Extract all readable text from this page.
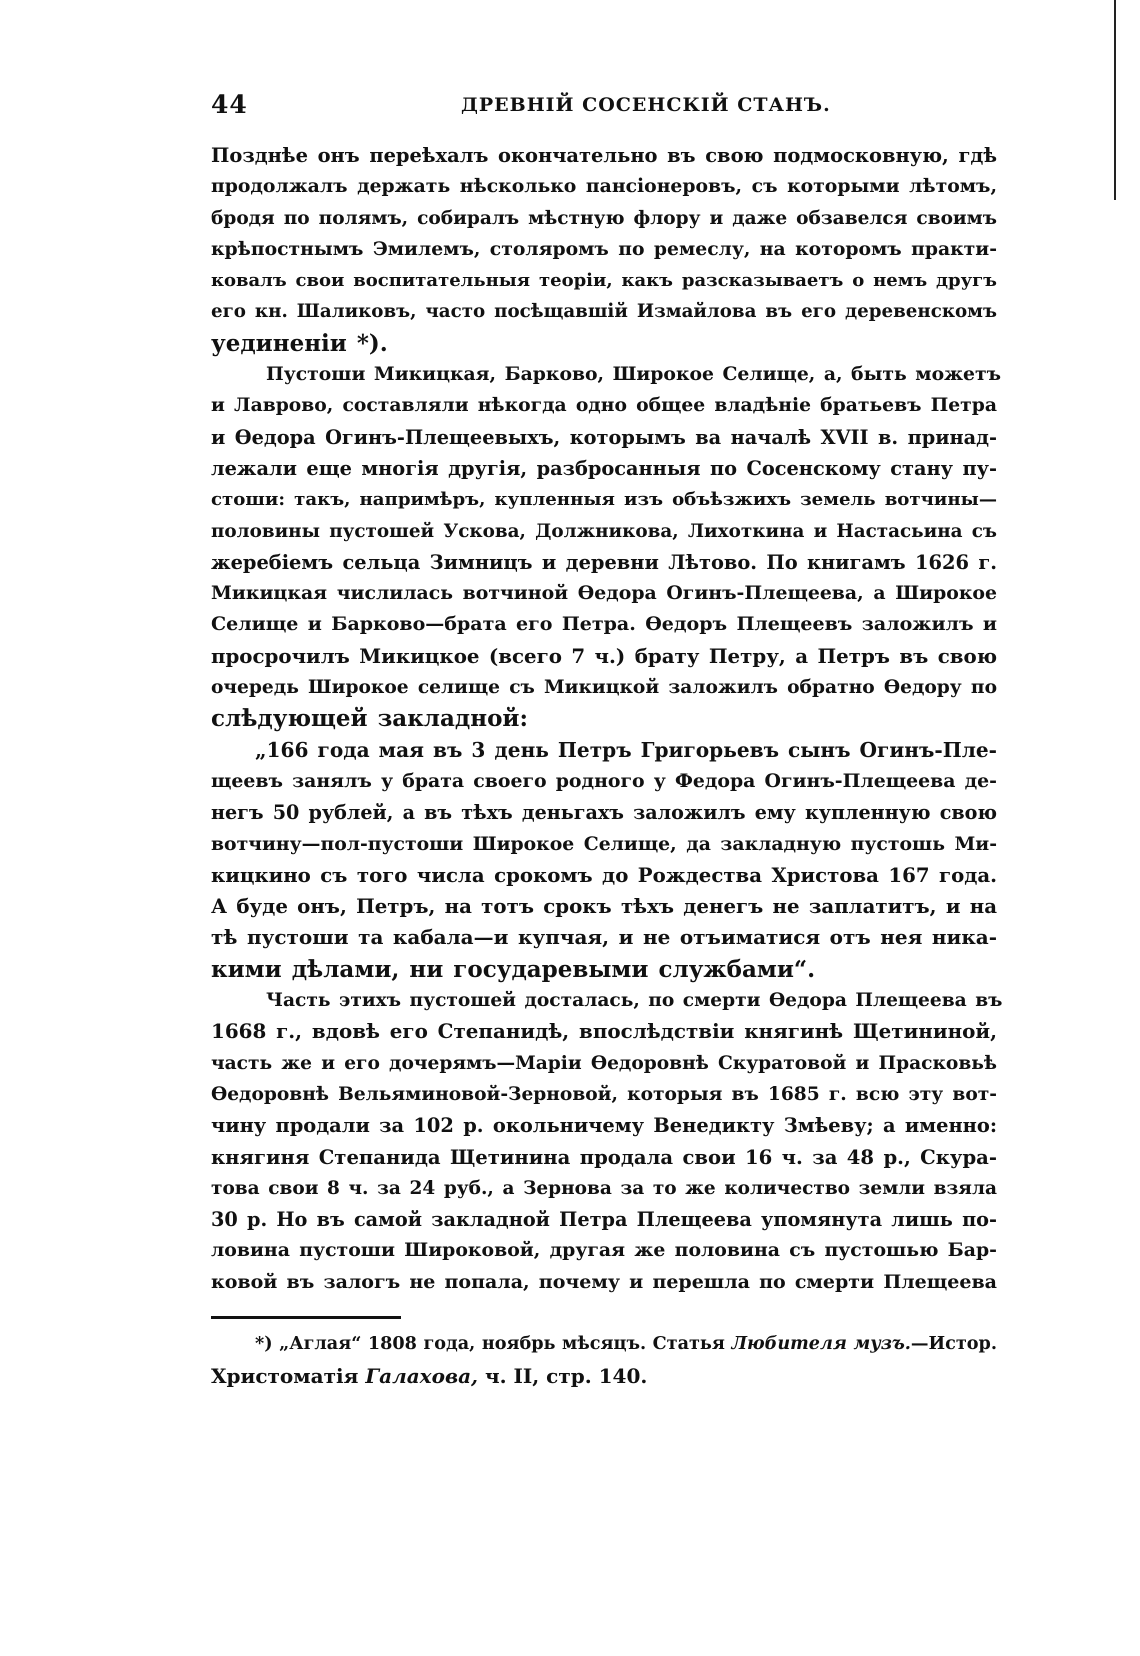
44	ДРЕВНІЙ СОСЕНСКІЙ СТАНЪ.
Позднѣе онъ переѣхалъ окончательно въ свою подмосковную, гдѣ
продолжалъ держать нѣсколько пансіонеровъ, съ которыми лѣтомъ,
бродя по полямъ, собиралъ мѣстную флору и даже обзавелся своимъ
крѣпостнымъ Эмилемъ, столяромъ по ремеслу, на которомъ практи-
ковалъ свои воспитательныя теоріи, какъ разсказываетъ о немъ другъ
его кн. Шаликовъ, часто посѣщавшій Измайлова въ его деревенскомъ
уединеніи *).
Пустоши Микицкая, Барково, Широкое Селище, а, быть можетъ
и Лаврово, составляли нѣкогда одно общее владѣніе братьевъ Петра
и Өедора Огинъ-Плещеевыхъ, которымъ ва началѣ XVII в. принад-
лежали еще многія другія, разбросанныя по Сосенскому стану пу-
стоши: такъ, напримѣръ, купленныя изъ объѣзжихъ земель вотчины—
половины пустошей Ускова, Должникова, Лихоткина и Настасьина съ
жеребіемъ сельца Зимницъ и деревни Лѣтово. По книгамъ 1626 г.
Микицкая числилась вотчиной Өедора Огинъ-Плещеева, а Широкое
Селище и Барково—брата его Петра. Өедоръ Плещеевъ заложилъ и
просрочилъ Микицкое (всего 7 ч.) брату Петру, а Петръ въ свою
очередь Широкое селище съ Микицкой заложилъ обратно Өедору по
слѣдующей закладной:
„166 года мая въ 3 день Петръ Григорьевъ сынъ Огинъ-Пле-
щеевъ занялъ у брата своего родного у Федора Огинъ-Плещеева де-
негъ 50 рублей, а въ тѣхъ деньгахъ заложилъ ему купленную свою
вотчину—пол-пустоши Широкое Селище, да закладную пустошь Ми-
кицкино съ того числа срокомъ до Рождества Христова 167 года.
А буде онъ, Петръ, на тотъ срокъ тѣхъ денегъ не заплатитъ, и на
тѣ пустоши та кабала—и купчая, и не отъиматися отъ нея ника-
кими дѣлами, ни государевыми службами“.
Часть этихъ пустошей досталась, по смерти Өедора Плещеева въ
1668 г., вдовѣ его Степанидѣ, впослѣдствіи княгинѣ Щетининой,
часть же и его дочерямъ—Маріи Өедоровнѣ Скуратовой и Прасковьѣ
Өедоровнѣ Вельяминовой-Зерновой, которыя въ 1685 г. всю эту вот-
чину продали за 102 р. окольничему Венедикту Змѣеву; а именно:
княгиня Степанида Щетинина продала свои 16 ч. за 48 р., Скура-
това свои 8 ч. за 24 руб., а Зернова за то же количество земли взяла
30 р. Но въ самой закладной Петра Плещеева упомянута лишь по-
ловина пустоши Широковой, другая же половина съ пустошью Бар-
ковой въ залогъ не попала, почему и перешла по смерти Плещеева
*) „Аглая“ 1808 года, ноябрь мѣсяцъ. Статья Любителя музъ.—Истор.
Христоматія Галахова, ч. II, стр. 140.
